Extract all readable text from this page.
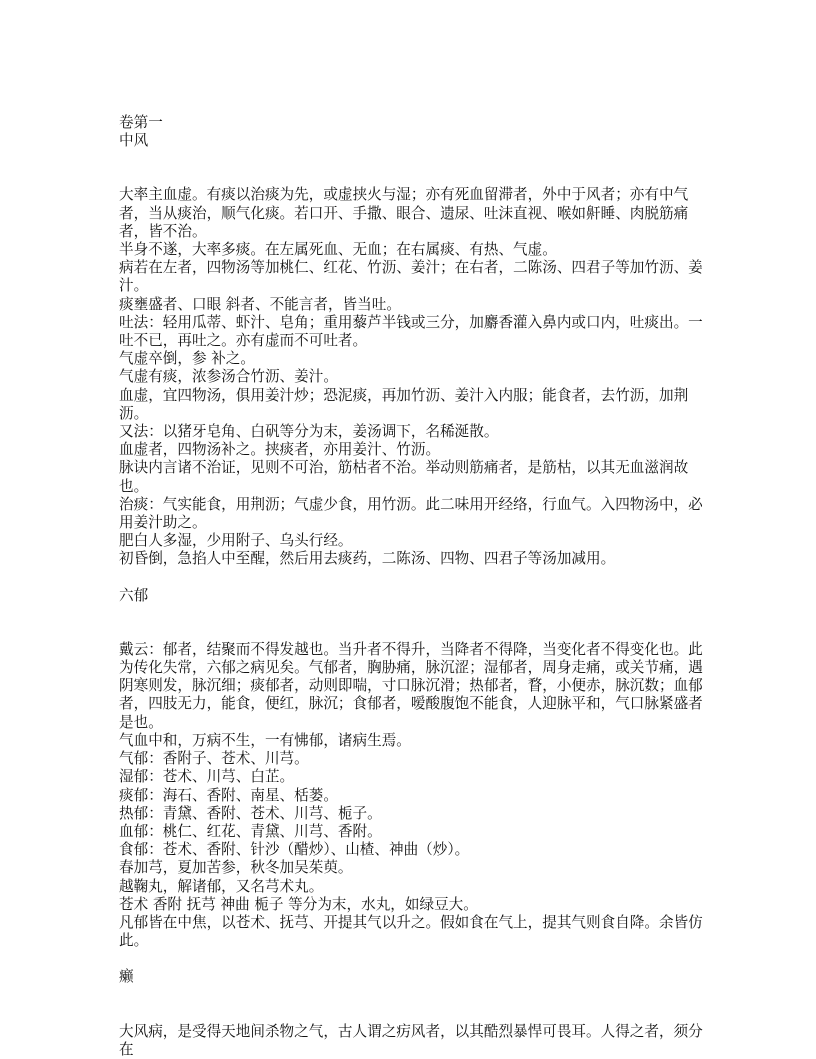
卷第一

中风

大率主血虚。有痰以治痰为先，或虚挟火与湿；亦有死血留滞者，外中于风者；亦有中气者，当从痰治，顺气化痰。若口开、手撒、眼合、遗尿、吐沫直视、喉如鼾睡、肉脱筋痛者，皆不治。

半身不遂，大率多痰。在左属死血、无血；在右属痰、有热、气虚。

病若在左者，四物汤等加桃仁、红花、竹沥、姜汁；在右者，二陈汤、四君子等加竹沥、姜汁。

痰壅盛者、口眼 斜者、不能言者，皆当吐。

吐法：轻用瓜蒂、虾汁、皂角；重用藜芦半钱或三分，加麝香灌入鼻内或口内，吐痰出。一吐不已，再吐之。亦有虚而不可吐者。

气虚卒倒，参 补之。

气虚有痰，浓参汤合竹沥、姜汁。

血虚，宜四物汤，俱用姜汁炒；恐泥痰，再加竹沥、姜汁入内服；能食者，去竹沥，加荆沥。

又法：以猪牙皂角、白矾等分为末，姜汤调下，名稀涎散。

血虚者，四物汤补之。挟痰者，亦用姜汁、竹沥。

脉诀内言诸不治证，见则不可治，筋枯者不治。举动则筋痛者，是筋枯，以其无血滋润故也。

治痰：气实能食，用荆沥；气虚少食，用竹沥。此二味用开经络，行血气。入四物汤中，必用姜汁助之。

肥白人多湿，少用附子、乌头行经。

初昏倒，急掐人中至醒，然后用去痰药，二陈汤、四物、四君子等汤加减用。

六郁

戴云：郁者，结聚而不得发越也。当升者不得升，当降者不得降，当变化者不得变化也。此为传化失常，六郁之病见矣。气郁者，胸胁痛，脉沉涩；湿郁者，周身走痛，或关节痛，遇阴寒则发，脉沉细；痰郁者，动则即喘，寸口脉沉滑；热郁者，瞀，小便赤，脉沉数；血郁者，四肢无力，能食，便红，脉沉；食郁者，嗳酸腹饱不能食，人迎脉平和，气口脉紧盛者是也。

气血中和，万病不生，一有怫郁，诸病生焉。

气郁：香附子、苍术、川芎。

湿郁：苍术、川芎、白芷。

痰郁：海石、香附、南星、栝蒌。

热郁：青黛、香附、苍术、川芎、栀子。

血郁：桃仁、红花、青黛、川芎、香附。

食郁：苍术、香附、针沙（醋炒）、山楂、神曲（炒）。

春加芎，夏加苦参，秋冬加吴茱萸。

越鞠丸，解诸郁，又名芎术丸。

苍术 香附 抚芎 神曲 栀子 等分为末，水丸，如绿豆大。

凡郁皆在中焦，以苍术、抚芎、开提其气以升之。假如食在气上，提其气则食自降。余皆仿此。

癞

大风病，是受得天地间杀物之气，古人谓之疠风者，以其酷烈暴悍可畏耳。人得之者，须分在
